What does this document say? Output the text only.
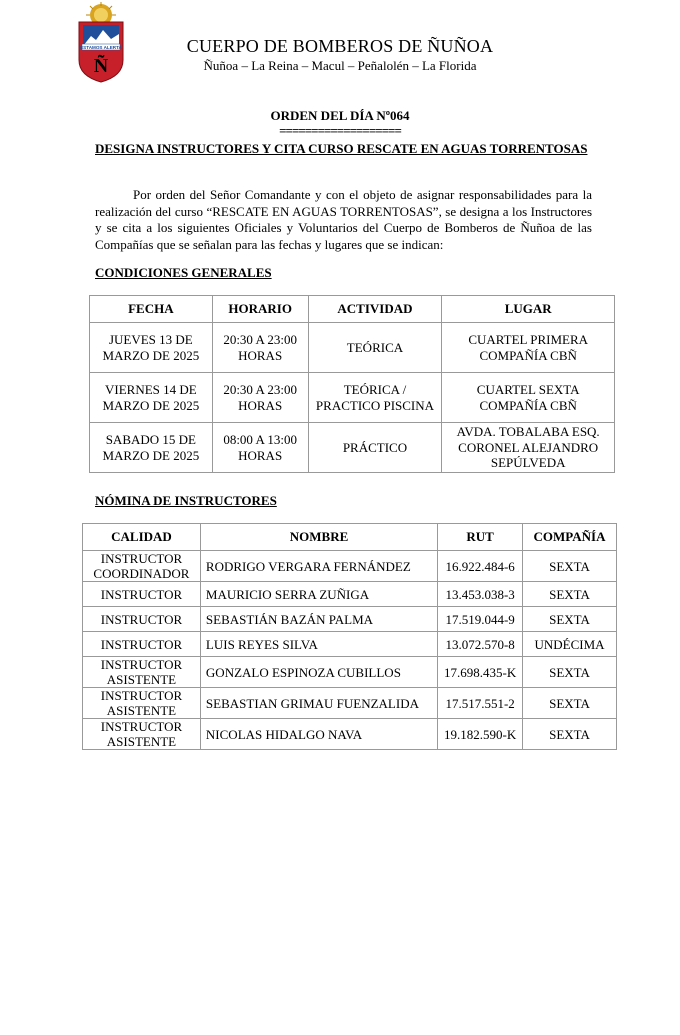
ESTAMOS ALERTA
Ñ
CUERPO DE BOMBEROS DE ÑUÑOA
Ñuñoa – La Reina – Macul – Peñalolén – La Florida
ORDEN DEL DÍA Nº064
===================
DESIGNA INSTRUCTORES Y CITA CURSO RESCATE EN AGUAS TORRENTOSAS
Por orden del Señor Comandante y con el objeto de asignar responsabilidades para la realización del curso “RESCATE EN AGUAS TORRENTOSAS”, se designa a los Instructores y se cita a los siguientes Oficiales y Voluntarios del Cuerpo de Bomberos de Ñuñoa de las Compañías que se señalan para las fechas y lugares que se indican:
CONDICIONES GENERALES
FECHA	HORARIO	ACTIVIDAD	LUGAR
JUEVES 13 DE MARZO DE 2025	20:30 A 23:00 HORAS	TEÓRICA	CUARTEL PRIMERA COMPAÑÍA CBÑ
VIERNES 14 DE MARZO DE 2025	20:30 A 23:00 HORAS	TEÓRICA / PRACTICO PISCINA	CUARTEL SEXTA COMPAÑÍA CBÑ
SABADO 15 DE MARZO DE 2025	08:00 A 13:00 HORAS	PRÁCTICO	AVDA. TOBALABA ESQ. CORONEL ALEJANDRO SEPÚLVEDA
NÓMINA DE INSTRUCTORES
CALIDAD	NOMBRE	RUT	COMPAÑÍA
INSTRUCTOR COORDINADOR	RODRIGO VERGARA FERNÁNDEZ	16.922.484-6	SEXTA
INSTRUCTOR	MAURICIO SERRA ZUÑIGA	13.453.038-3	SEXTA
INSTRUCTOR	SEBASTIÁN BAZÁN PALMA	17.519.044-9	SEXTA
INSTRUCTOR	LUIS REYES SILVA	13.072.570-8	UNDÉCIMA
INSTRUCTOR ASISTENTE	GONZALO ESPINOZA CUBILLOS	17.698.435-K	SEXTA
INSTRUCTOR ASISTENTE	SEBASTIAN GRIMAU FUENZALIDA	17.517.551-2	SEXTA
INSTRUCTOR ASISTENTE	NICOLAS HIDALGO NAVA	19.182.590-K	SEXTA
